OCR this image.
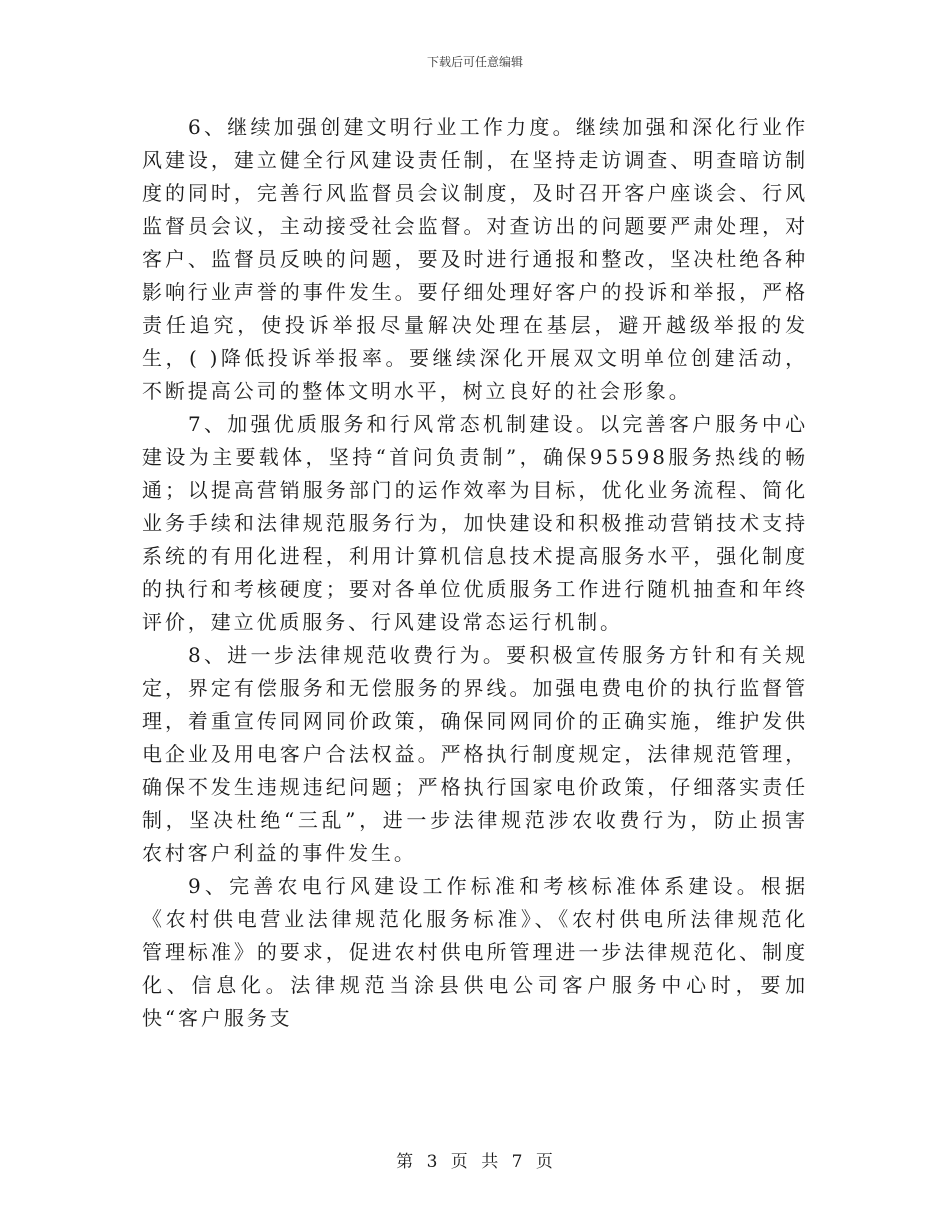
下载后可任意编辑

6、继续加强创建文明行业工作力度。继续加强和深化行业作风建设，建立健全行风建设责任制，在坚持走访调查、明查暗访制度的同时，完善行风监督员会议制度，及时召开客户座谈会、行风监督员会议，主动接受社会监督。对查访出的问题要严肃处理，对客户、监督员反映的问题，要及时进行通报和整改，坚决杜绝各种影响行业声誉的事件发生。要仔细处理好客户的投诉和举报，严格责任追究，使投诉举报尽量解决处理在基层，避开越级举报的发生，( )降低投诉举报率。要继续深化开展双文明单位创建活动，不断提高公司的整体文明水平，树立良好的社会形象。

7、加强优质服务和行风常态机制建设。以完善客户服务中心建设为主要载体，坚持“首问负责制”，确保95598服务热线的畅通；以提高营销服务部门的运作效率为目标，优化业务流程、简化业务手续和法律规范服务行为，加快建设和积极推动营销技术支持系统的有用化进程，利用计算机信息技术提高服务水平，强化制度的执行和考核硬度；要对各单位优质服务工作进行随机抽查和年终评价，建立优质服务、行风建设常态运行机制。

8、进一步法律规范收费行为。要积极宣传服务方针和有关规定，界定有偿服务和无偿服务的界线。加强电费电价的执行监督管理，着重宣传同网同价政策，确保同网同价的正确实施，维护发供电企业及用电客户合法权益。严格执行制度规定，法律规范管理，确保不发生违规违纪问题；严格执行国家电价政策，仔细落实责任制，坚决杜绝“三乱”，进一步法律规范涉农收费行为，防止损害农村客户利益的事件发生。

9、完善农电行风建设工作标准和考核标准体系建设。根据《农村供电营业法律规范化服务标准》、《农村供电所法律规范化管理标准》的要求，促进农村供电所管理进一步法律规范化、制度化、信息化。法律规范当涂县供电公司客户服务中心时，要加快“客户服务支

第 3 页 共 7 页
